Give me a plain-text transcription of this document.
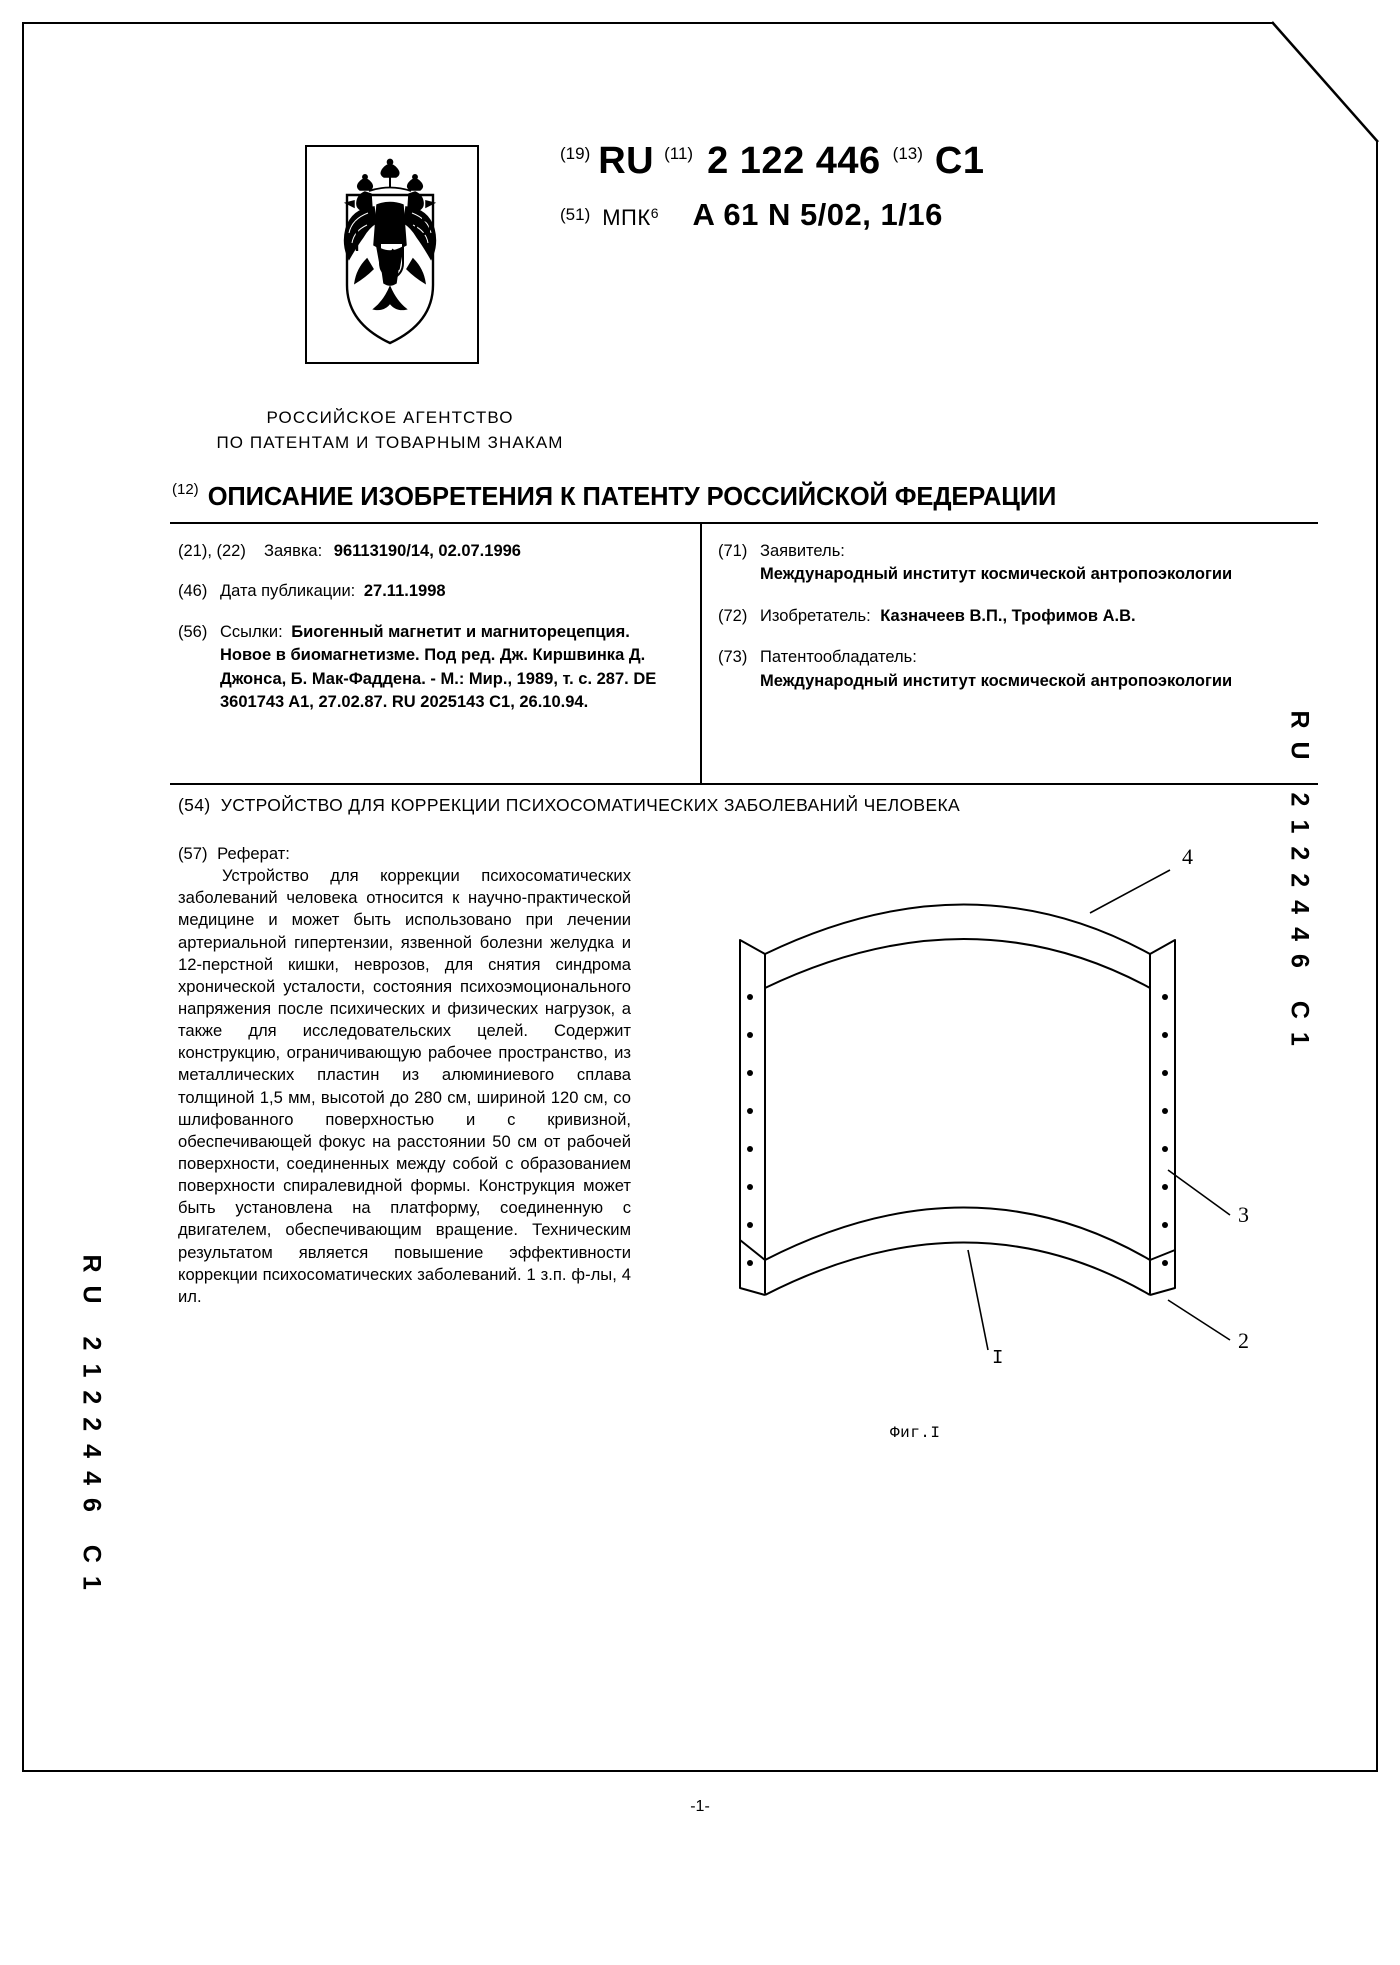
(19) RU (11) 2 122 446 (13) C1
(51) МПК 6 A 61 N 5/02, 1/16
РОССИЙСКОЕ АГЕНТСТВО
ПО ПАТЕНТАМ И ТОВАРНЫМ ЗНАКАМ
(12) ОПИСАНИЕ ИЗОБРЕТЕНИЯ К ПАТЕНТУ РОССИЙСКОЙ ФЕДЕРАЦИИ
(21), (22)	Заявка: 96113190/14, 02.07.1996
(46) Дата публикации: 27.11.1998
(56) Ссылки: Биогенный магнетит и магниторецепция. Новое в биомагнетизме. Под ред. Дж. Киршвинка Д. Джонса, Б. Мак-Фаддена. - М.: Мир., 1989, т. с. 287. DE 3601743 A1, 27.02.87. RU 2025143 C1, 26.10.94.
(71) Заявитель:
Международный институт космической антропоэкологии
(72) Изобретатель: Казначеев В.П., Трофимов А.В.
(73) Патентообладатель:
Международный институт космической антропоэкологии
(54) УСТРОЙСТВО ДЛЯ КОРРЕКЦИИ ПСИХОСОМАТИЧЕСКИХ ЗАБОЛЕВАНИЙ ЧЕЛОВЕКА
(57) Реферат:
Устройство для коррекции психосоматических заболеваний человека относится к научно-практической медицине и может быть использовано при лечении артериальной гипертензии, язвенной болезни желудка и 12-перстной кишки, неврозов, для снятия синдрома хронической усталости, состояния психоэмоционального напряжения после психических и физических нагрузок, а также для исследовательских целей. Содержит конструкцию, ограничивающую рабочее пространство, из металлических пластин из алюминиевого сплава толщиной 1,5 мм, высотой до 280 см, шириной 120 см, со шлифованного поверхностью и с кривизной, обеспечивающей фокус на расстоянии 50 см от рабочей поверхности, соединенных между собой с образованием поверхности спиралевидной формы. Конструкция может быть установлена на платформу, соединенную с двигателем, обеспечивающим вращение. Техническим результатом является повышение эффективности коррекции психосоматических заболеваний. 1 з.п. ф-лы, 4 ил.
4
3
2
I
Фиг.I
RU 2122446 C1
RU 2122446 C1
-1-
